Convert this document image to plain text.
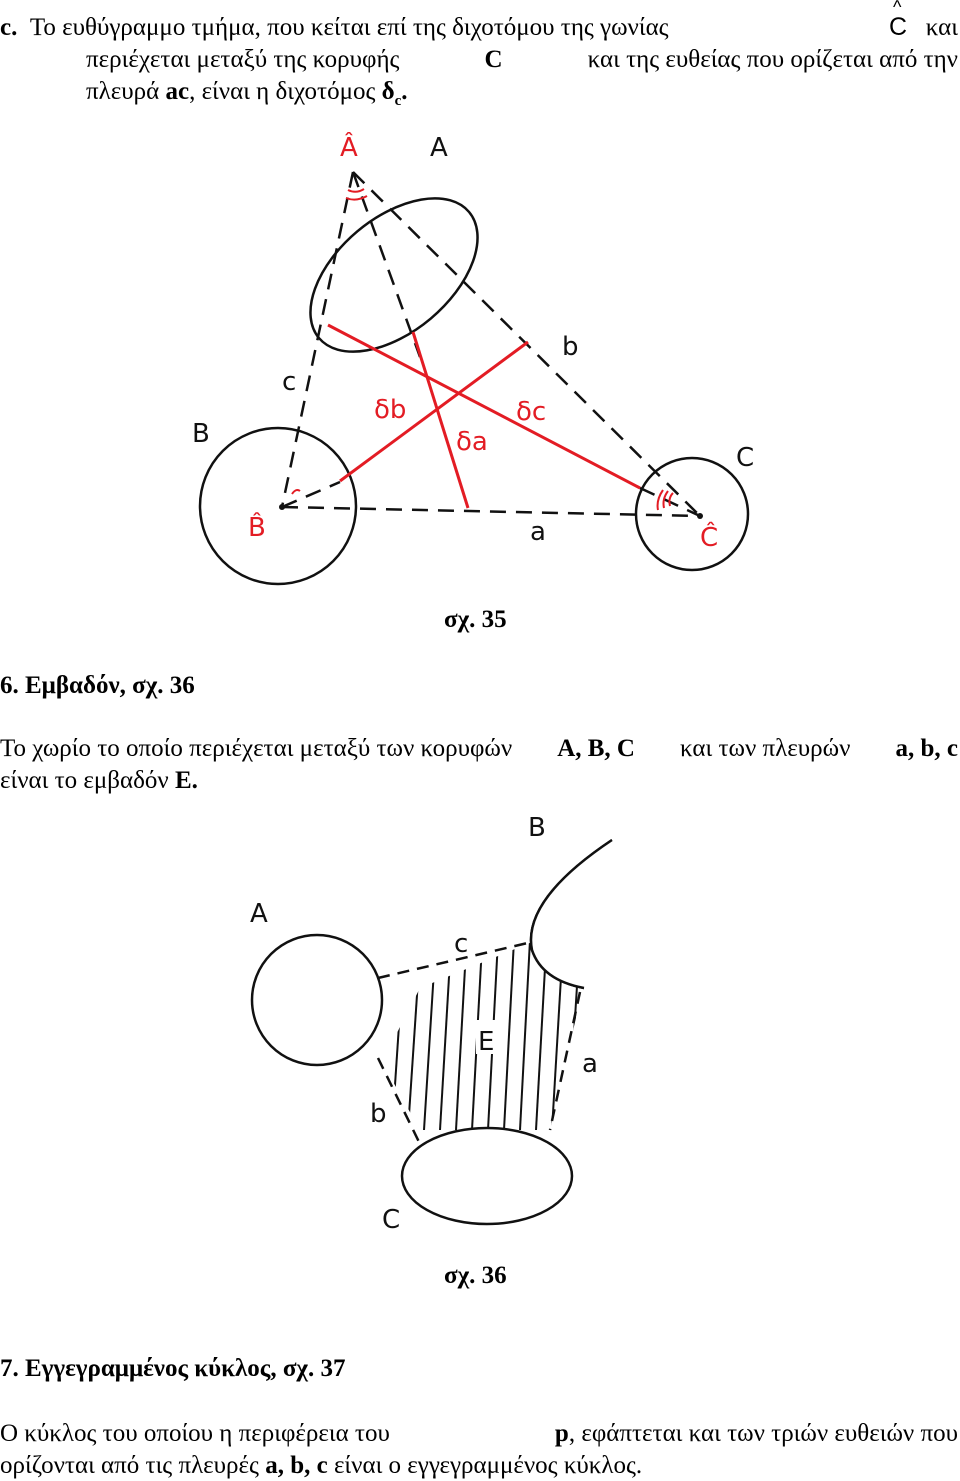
c. Το ευθύγραμμο τμήμα, που κείται επί της διχοτόμου της γωνίας
^	C και
περιέχεται μεταξύ της κορυφής	C	και της ευθείας που ορίζεται από την
πλευρά ac, είναι η διχοτόμος $\delta_c$.
Â	A
b
c
B
C
B̂	Ĉ
a
δb
δa
δc
σχ. 35
6. Εμβαδόν, σχ. 36
Το χωρίο το οποίο περιέχεται μεταξύ των κορυφών A, B, C και των πλευρών a, b, c
είναι το εμβαδόν E.
A
B
c
a
b
C
E
σχ. 36
7. Εγγεγραμμένος κύκλος, σχ. 37
Ο κύκλος του οποίου η περιφέρεια του	p, εφάπτεται και των τριών ευθειών που
ορίζονται από τις πλευρές a, b, c είναι ο εγγεγραμμένος κύκλος.
